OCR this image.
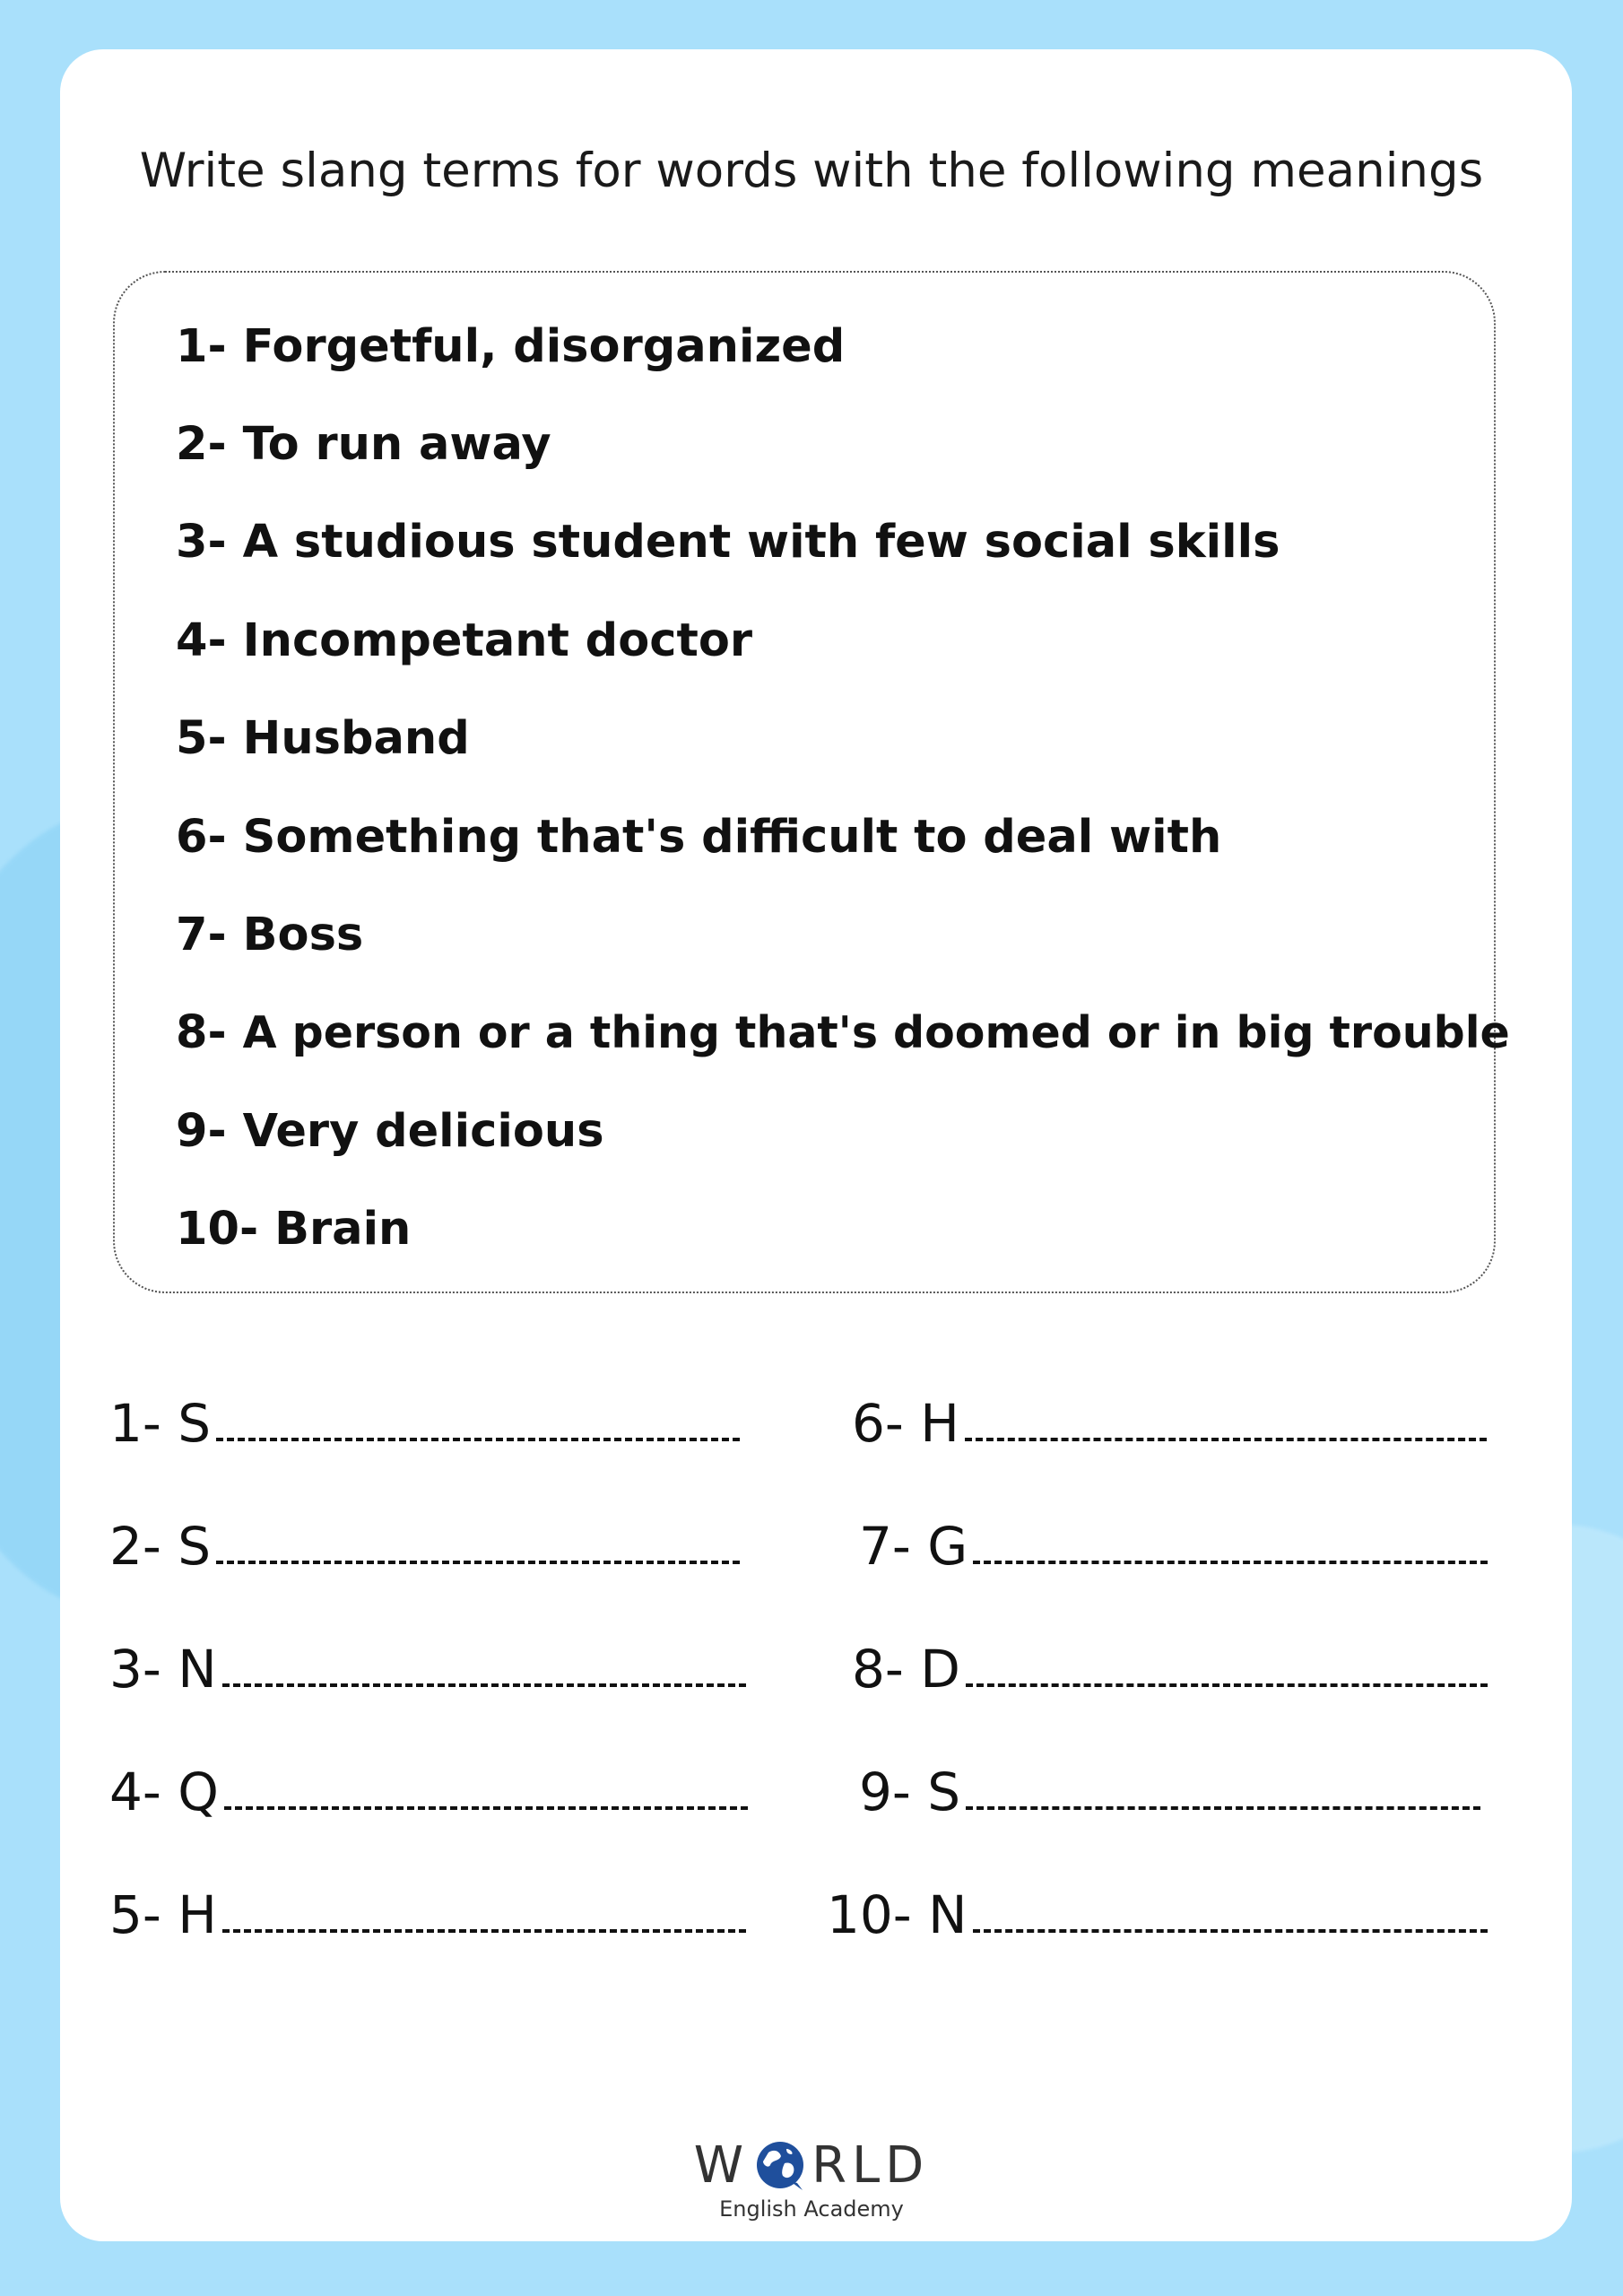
Write slang terms for words with the following meanings
1- Forgetful, disorganized
2- To run away
3- A studious student with few social skills
4- Incompetant doctor
5- Husband
6- Something that's difficult to deal with
7- Boss
8- A person or a thing that's doomed or in big trouble
9- Very delicious
10- Brain
1- S
2- S
3- N
4- Q
5- H
6- H
7- G
8- D
9- S
10- N
W RLD
English Academy
